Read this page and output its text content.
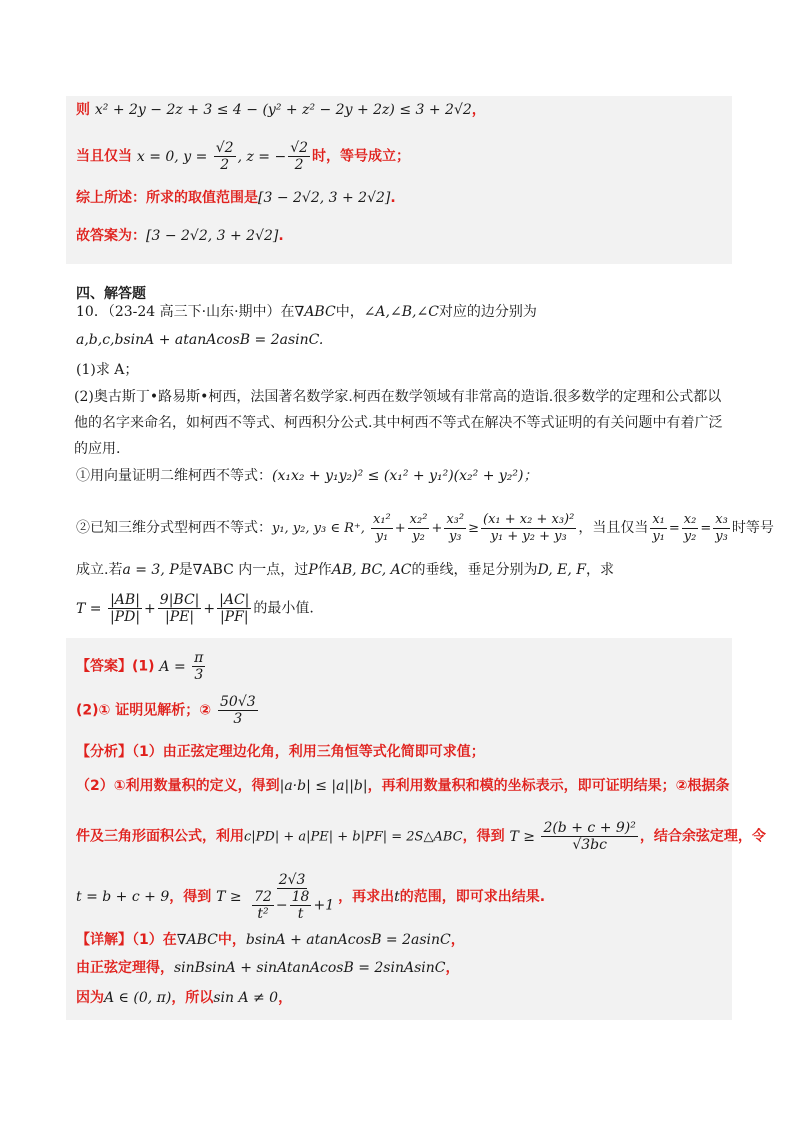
则 x² + 2y − 2z + 3 ≤ 4 − (y² + z² − 2y + 2z) ≤ 3 + 2√2，
当且仅当 x = 0, $y = \frac{√2}{2}$ , z = − $\frac{√2}{2}$ 时，等号成立；
综上所述：所求的取值范围是[3 − 2√2, 3 + 2√2].
故答案为：[3 − 2√2, 3 + 2√2].
四、解答题
10．（23-24 高三下·山东·期中）在∇ABC中，∠A,∠B,∠C对应的边分别为
a,b,c,bsinA + atanAcosB = 2asinC.
(1)求 A；
(2)奥古斯丁•路易斯•柯西，法国著名数学家.柯西在数学领域有非常高的造诣.很多数学的定理和公式都以他的名字来命名，如柯西不等式、柯西积分公式.其中柯西不等式在解决不等式证明的有关问题中有着广泛的应用.
①用向量证明二维柯西不等式：(x₁x₂ + y₁y₂)² ≤ (x₁² + y₁²)(x₂² + y₂²)；
②已知三维分式型柯西不等式：y₁, y₂, y₃ ∈ R⁺, $\frac{\text{x₁²}}{\text{y₁}} + \frac{\text{x₂²}}{\text{y₂}} + \frac{\text{x₃²}}{\text{y₃}} \ge \frac{\text{(x₁ + x₂ + x₃)²}}{\text{y₁ + y₂ + y₃}}$ ，当且仅当 $\frac{\text{x₁}}{\text{y₁}} = \frac{\text{x₂}}{\text{y₂}} = \frac{\text{x₃}}{\text{y₃}}$ 时等号
成立.若a = 3, P是∇ABC 内一点，过P作AB, BC, AC的垂线，垂足分别为D, E, F，求
$T = \frac{|AB|}{|PD|} + \frac{9|BC|}{|PE|} + \frac{|AC|}{|PF|}$ 的最小值.
【答案】(1) $A = \frac{\pi}{3}$
(2)① 证明见解析；② $\frac{50√3}{3}$
【分析】（1）由正弦定理边化角，利用三角恒等式化简即可求值；
（2）①利用数量积的定义，得到|a·b| ≤ |a||b|，再利用数量积和模的坐标表示，即可证明结果；②根据条
件及三角形面积公式，利用c|PD| + a|PE| + b|PF| = 2S△ABC，得到 $T \ge \frac{\text{2(b + c + 9)²}}{√3bc}$ ，结合余弦定理，令
t = b + c + 9，得到 $T \ge \frac{2√3}{\frac{72}{\text{t²}} - \frac{18}{t} +1}$ ，再求出t的范围，即可求出结果.
【详解】（1）在∇ABC中，bsinA + atanAcosB = 2asinC，
由正弦定理得，sinBsinA + sinAtanAcosB = 2sinAsinC，
因为A ∈ (0, π)，所以sin A ≠ 0，
